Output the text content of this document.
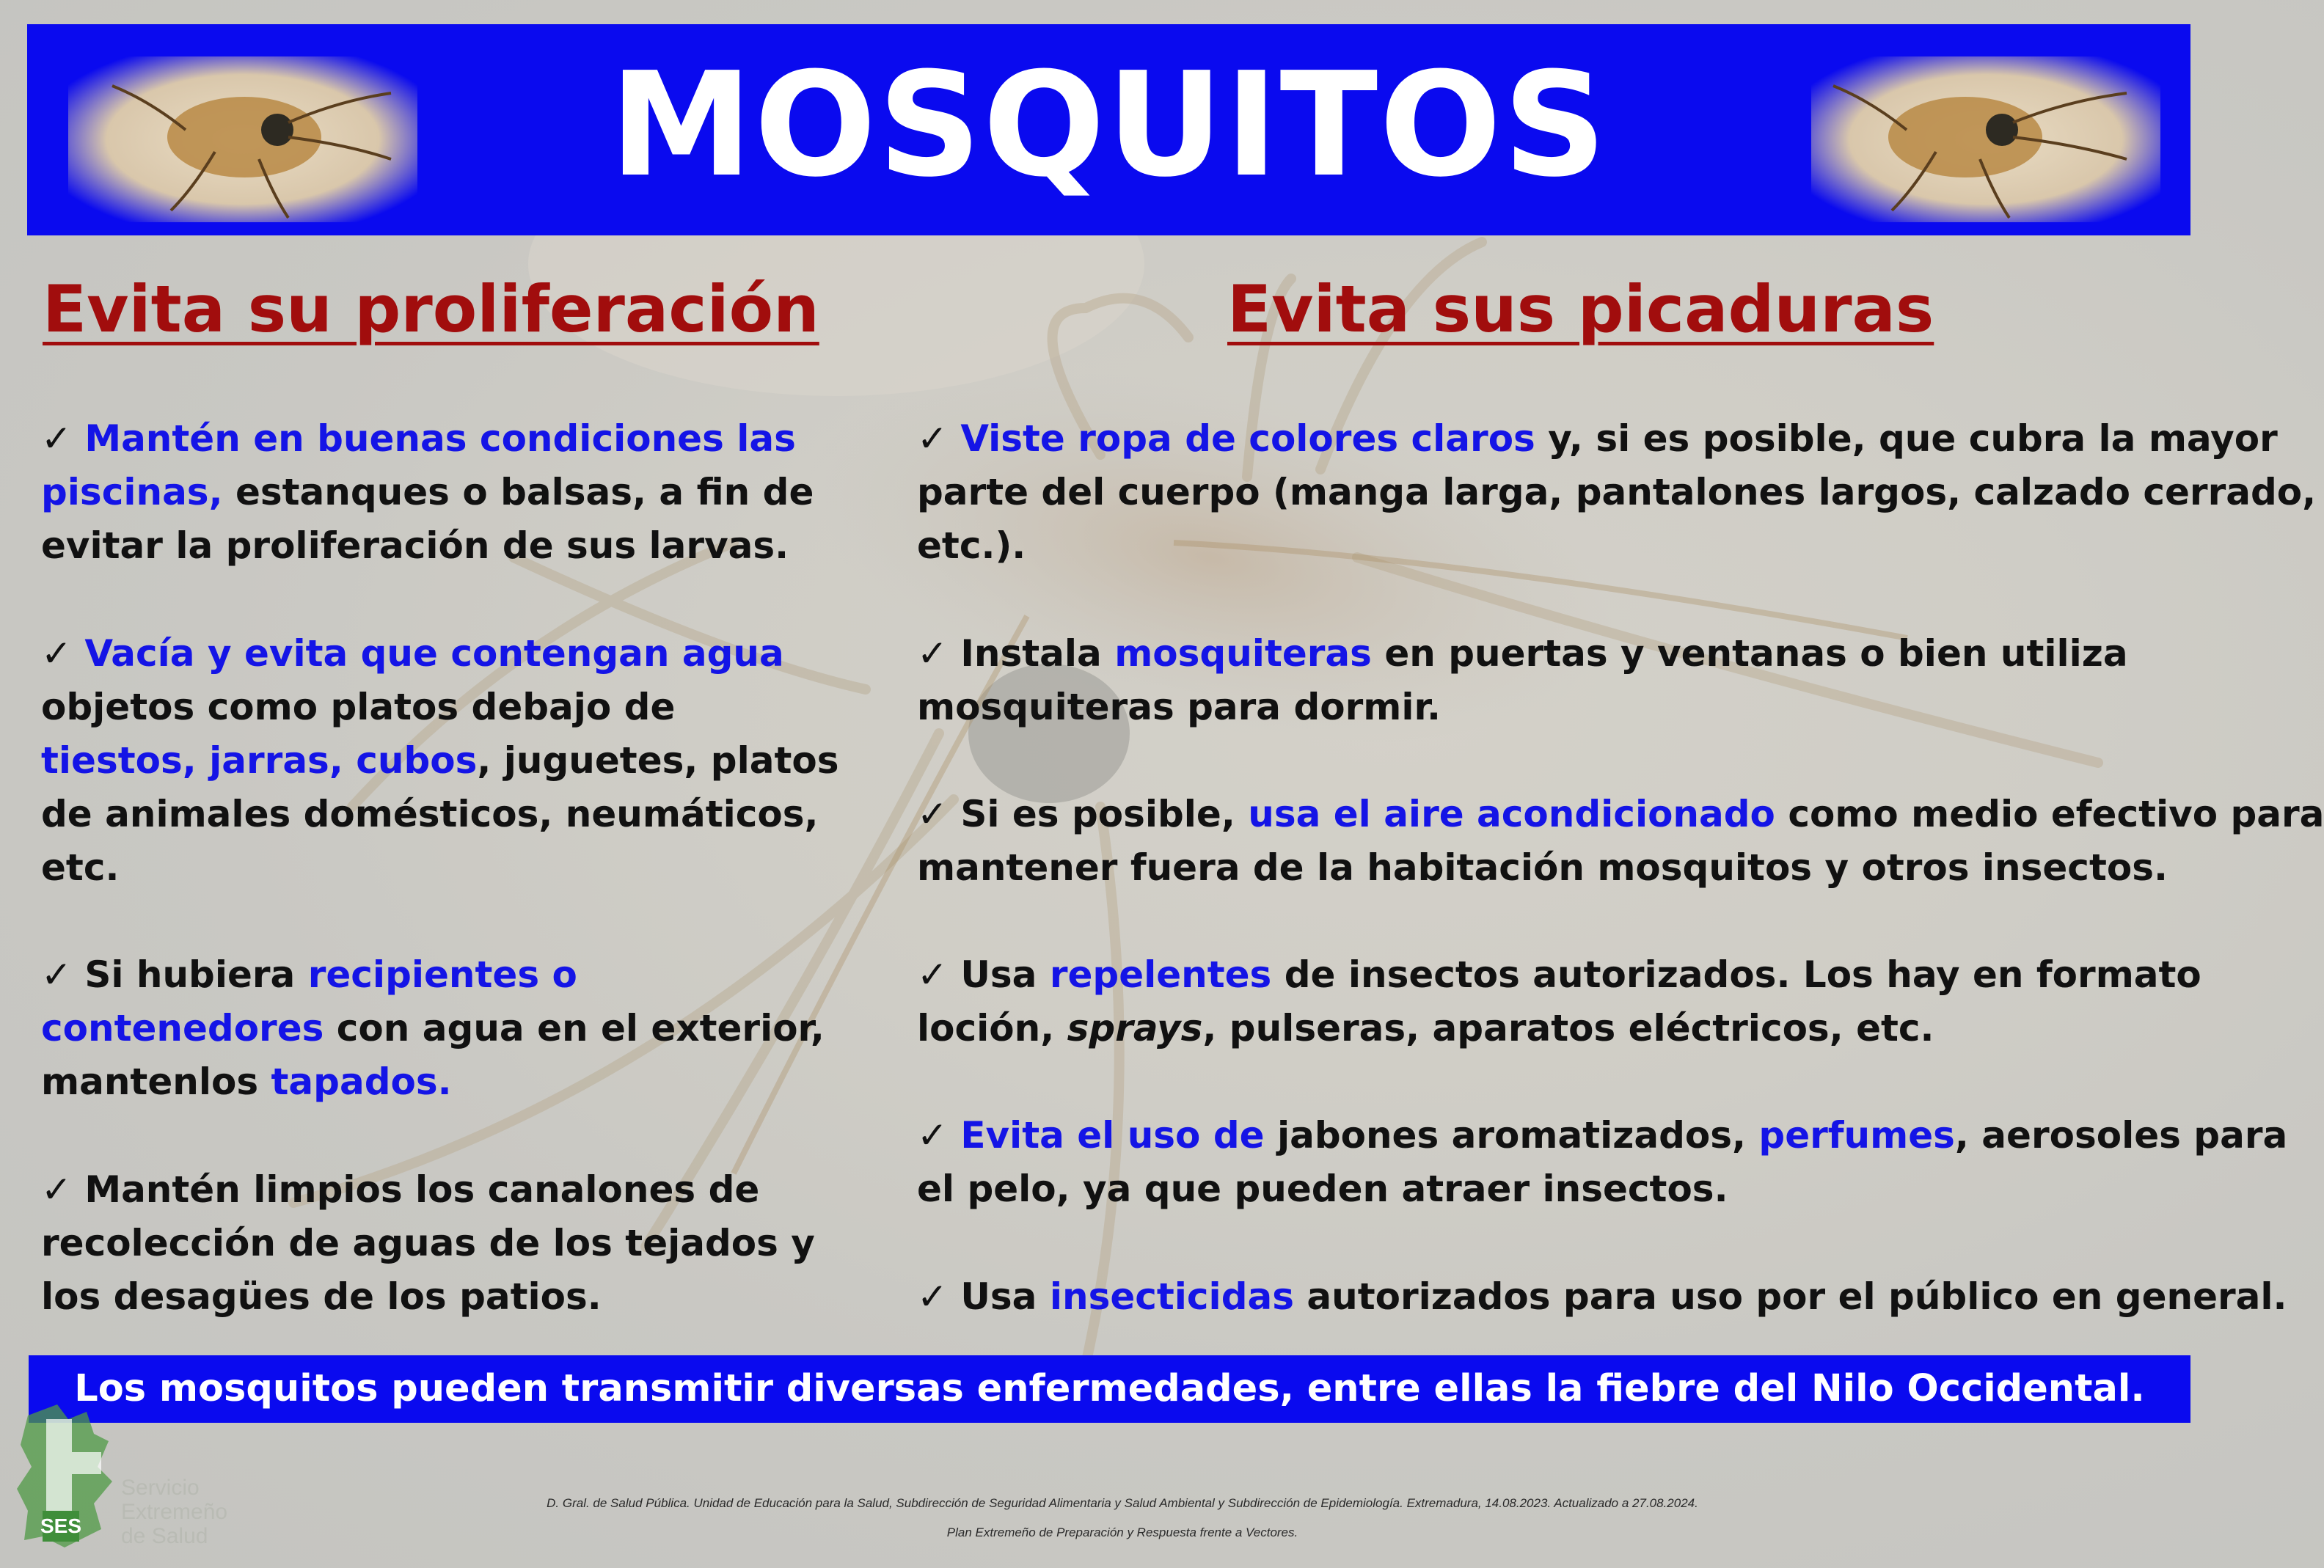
MOSQUITOS
Evita su proliferación	Evita sus picaduras

✓ Mantén en buenas condiciones las

piscinas, estanques o balsas, a fin de

evitar la proliferación de sus larvas.

✓ Vacía y evita que contengan agua

objetos como platos debajo de

tiestos, jarras, cubos, juguetes, platos

de animales domésticos, neumáticos,

etc.

✓ Si hubiera recipientes o

contenedores con agua en el exterior,

mantenlos tapados.

✓ Mantén limpios los canalones de

recolección de aguas de los tejados y

los desagües de los patios.

✓ Viste ropa de colores claros y, si es posible, que cubra la mayor

parte del cuerpo (manga larga, pantalones largos, calzado cerrado,

etc.).

✓ Instala mosquiteras en puertas y ventanas o bien utiliza

mosquiteras para dormir.

✓ Si es posible, usa el aire acondicionado como medio efectivo para

mantener fuera de la habitación mosquitos y otros insectos.

✓ Usa repelentes de insectos autorizados. Los hay en formato

loción, sprays, pulseras, aparatos eléctricos, etc.

✓ Evita el uso de jabones aromatizados, perfumes, aerosoles para

el pelo, ya que pueden atraer insectos.

✓ Usa insecticidas autorizados para uso por el público en general.

Los mosquitos pueden transmitir diversas enfermedades, entre ellas la fiebre del Nilo Occidental.
SES
Servicio
Extremeño
de Salud
D. Gral. de Salud Pública. Unidad de Educación para la Salud, Subdirección de Seguridad Alimentaria y Salud Ambiental y Subdirección de Epidemiología. Extremadura, 14.08.2023. Actualizado a 27.08.2024.
Plan Extremeño de Preparación y Respuesta frente a Vectores.
